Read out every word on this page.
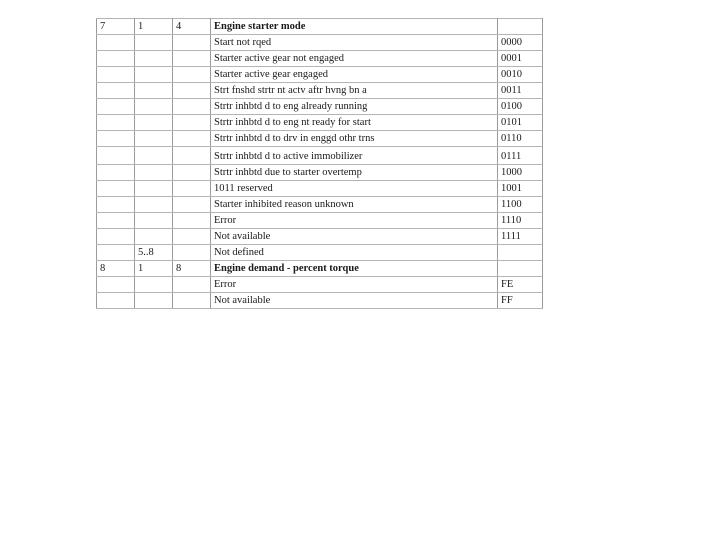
7	1	4	Engine starter mode	
			Start not rqed	0000
			Starter active gear not engaged	0001
			Starter active gear engaged	0010
			Strt fnshd strtr nt actv aftr hvng bn a	0011
			Strtr inhbtd d to eng already running	0100
			Strtr inhbtd d to eng nt ready for start	0101
			Strtr inhbtd d to drv in enggd othr trns	0110
			Strtr inhbtd d to active immobilizer	0111
			Strtr inhbtd due to starter overtemp	1000
			1011 reserved	1001
			Starter inhibited reason unknown	1100
			Error	1110
			Not available	1111
	5..8		Not defined	
8	1	8	Engine demand - percent torque	
			Error	FE
			Not available	FF
